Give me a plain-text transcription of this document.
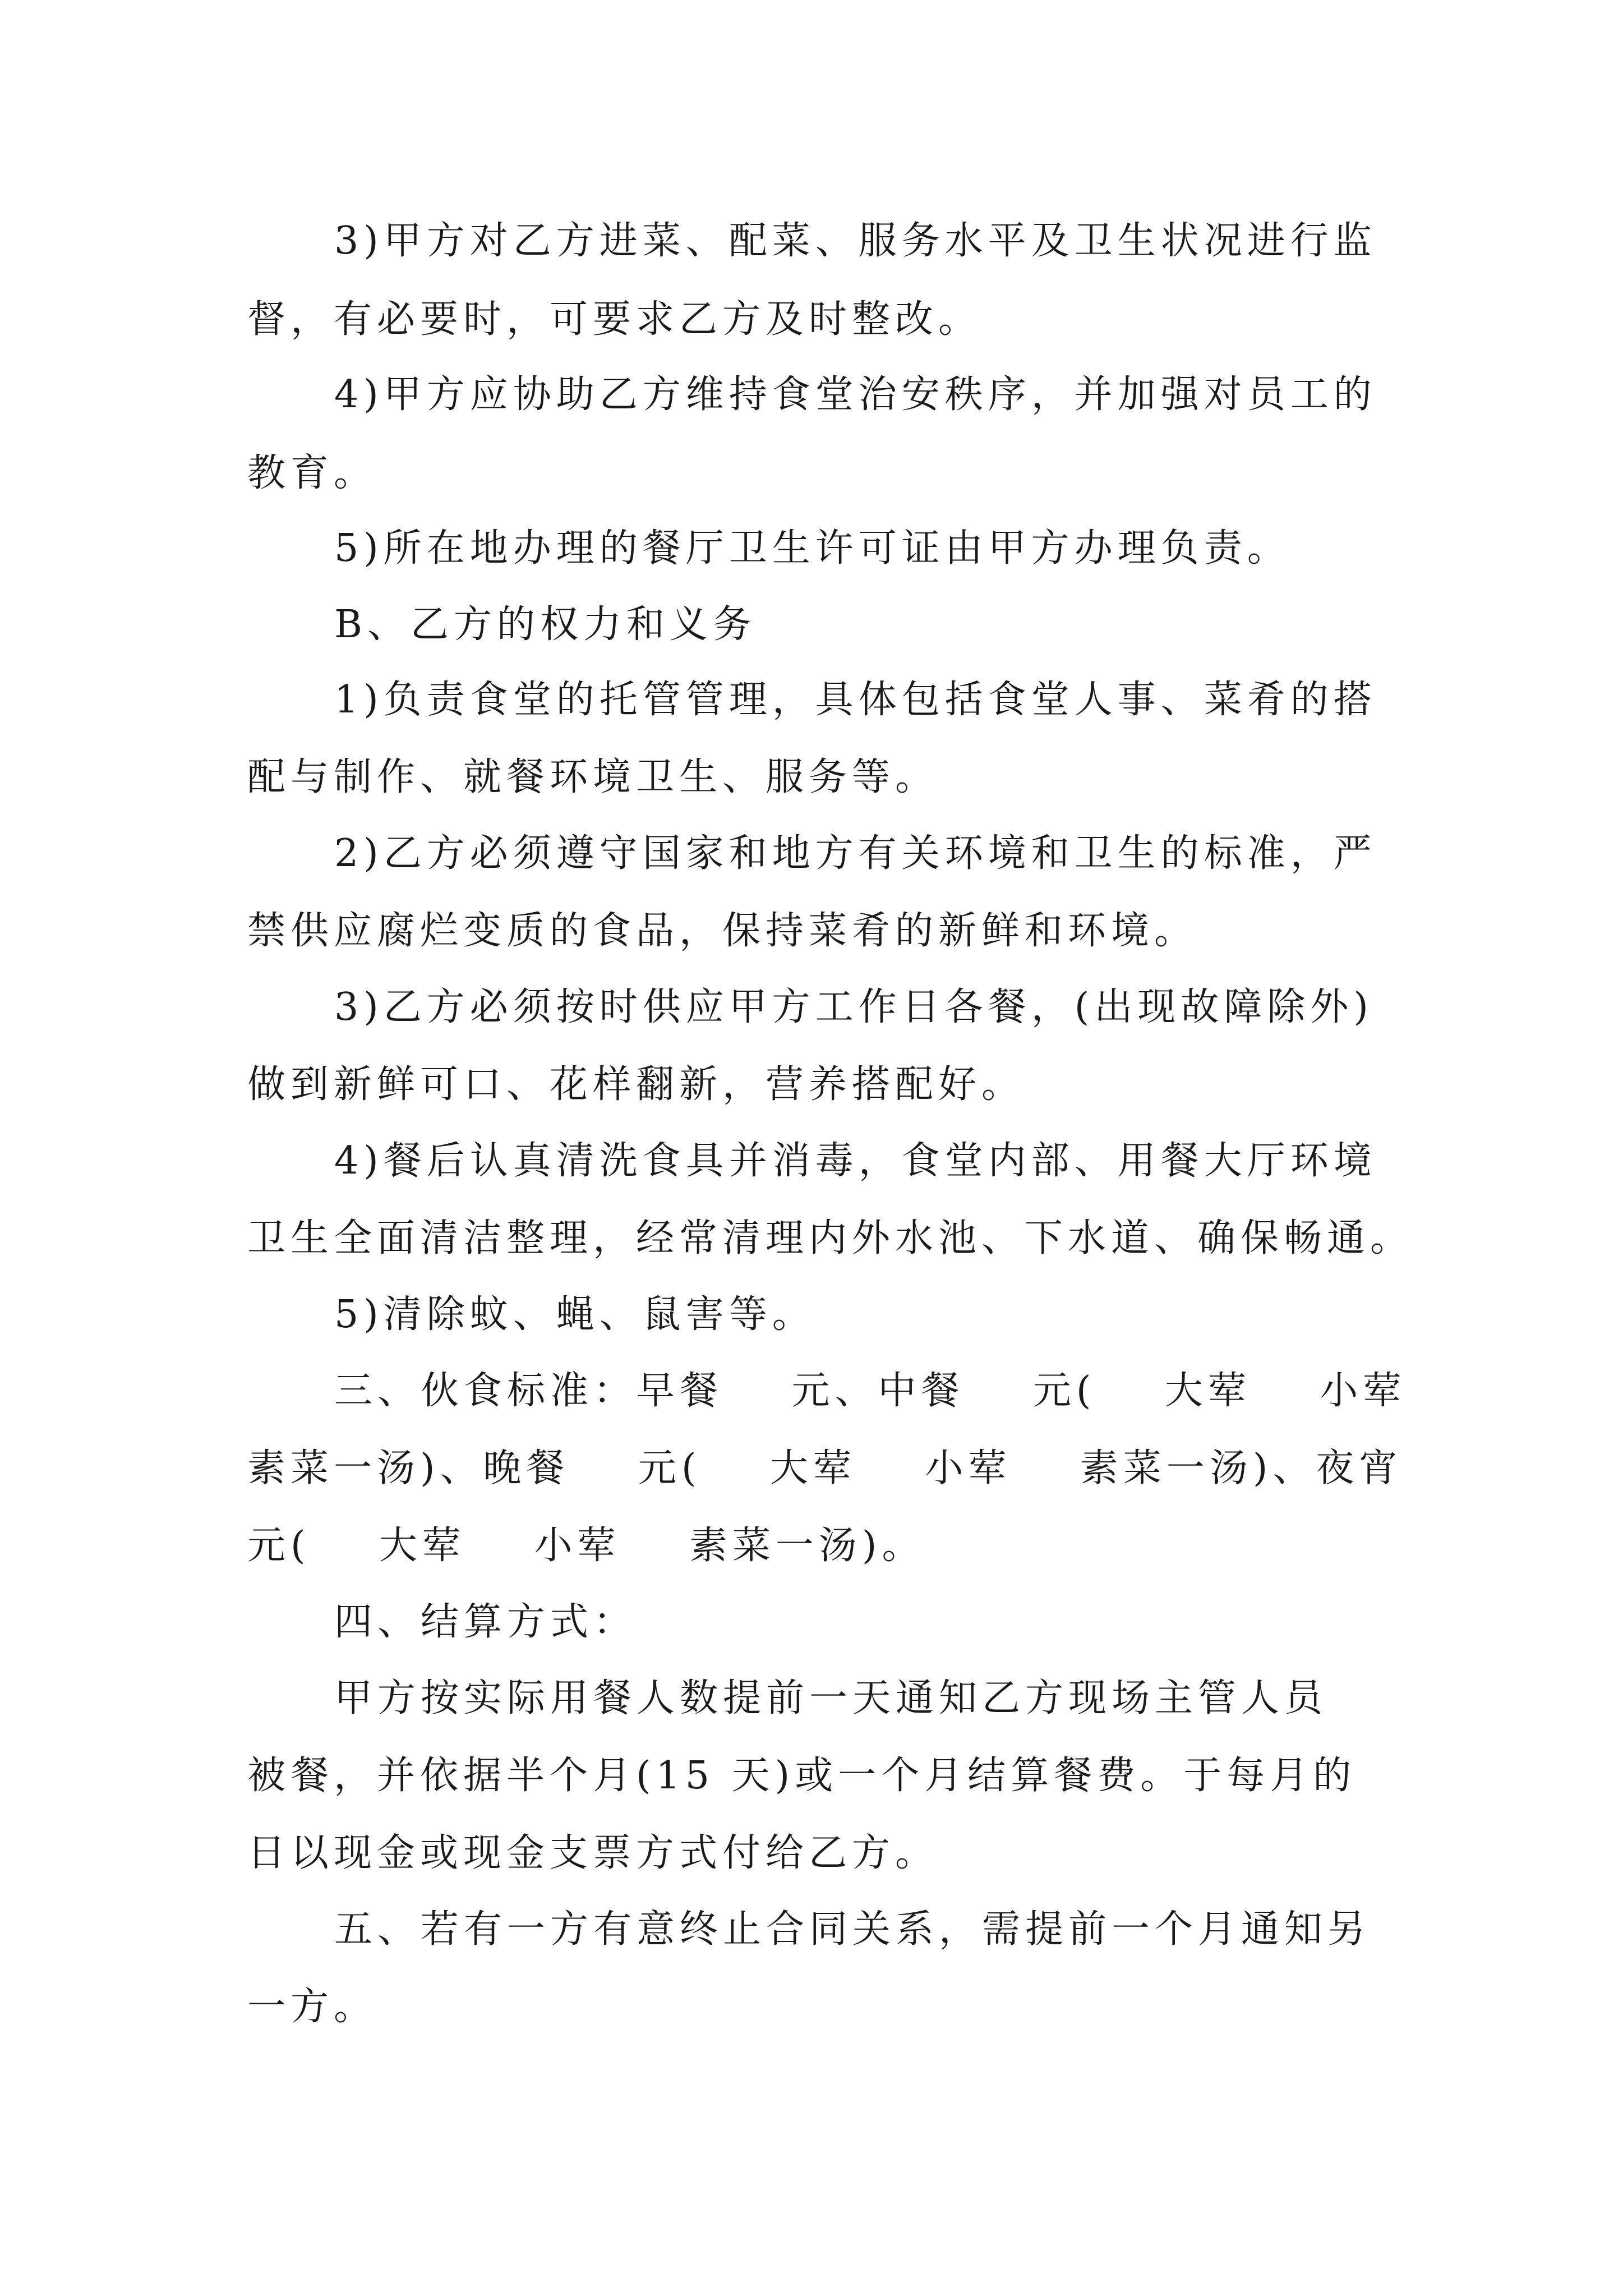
3)甲方对乙方进菜、配菜、服务水平及卫生状况进行监
督，有必要时，可要求乙方及时整改。
4)甲方应协助乙方维持食堂治安秩序，并加强对员工的
教育。
5)所在地办理的餐厅卫生许可证由甲方办理负责。
B、乙方的权力和义务
1)负责食堂的托管管理，具体包括食堂人事、菜肴的搭
配与制作、就餐环境卫生、服务等。
2)乙方必须遵守国家和地方有关环境和卫生的标准，严
禁供应腐烂变质的食品，保持菜肴的新鲜和环境。
3)乙方必须按时供应甲方工作日各餐，(出现故障除外)
做到新鲜可口、花样翻新，营养搭配好。
4)餐后认真清洗食具并消毒，食堂内部、用餐大厅环境
卫生全面清洁整理，经常清理内外水池、下水道、确保畅通。
5)清除蚊、蝇、鼠害等。
三、伙食标准：早餐    元、中餐    元(    大荤    小荤
素菜一汤)、晚餐    元(    大荤    小荤    素菜一汤)、夜宵
元(    大荤    小荤    素菜一汤)。
四、结算方式：
甲方按实际用餐人数提前一天通知乙方现场主管人员
被餐，并依据半个月(15 天)或一个月结算餐费。于每月的
日以现金或现金支票方式付给乙方。
五、若有一方有意终止合同关系，需提前一个月通知另
一方。
